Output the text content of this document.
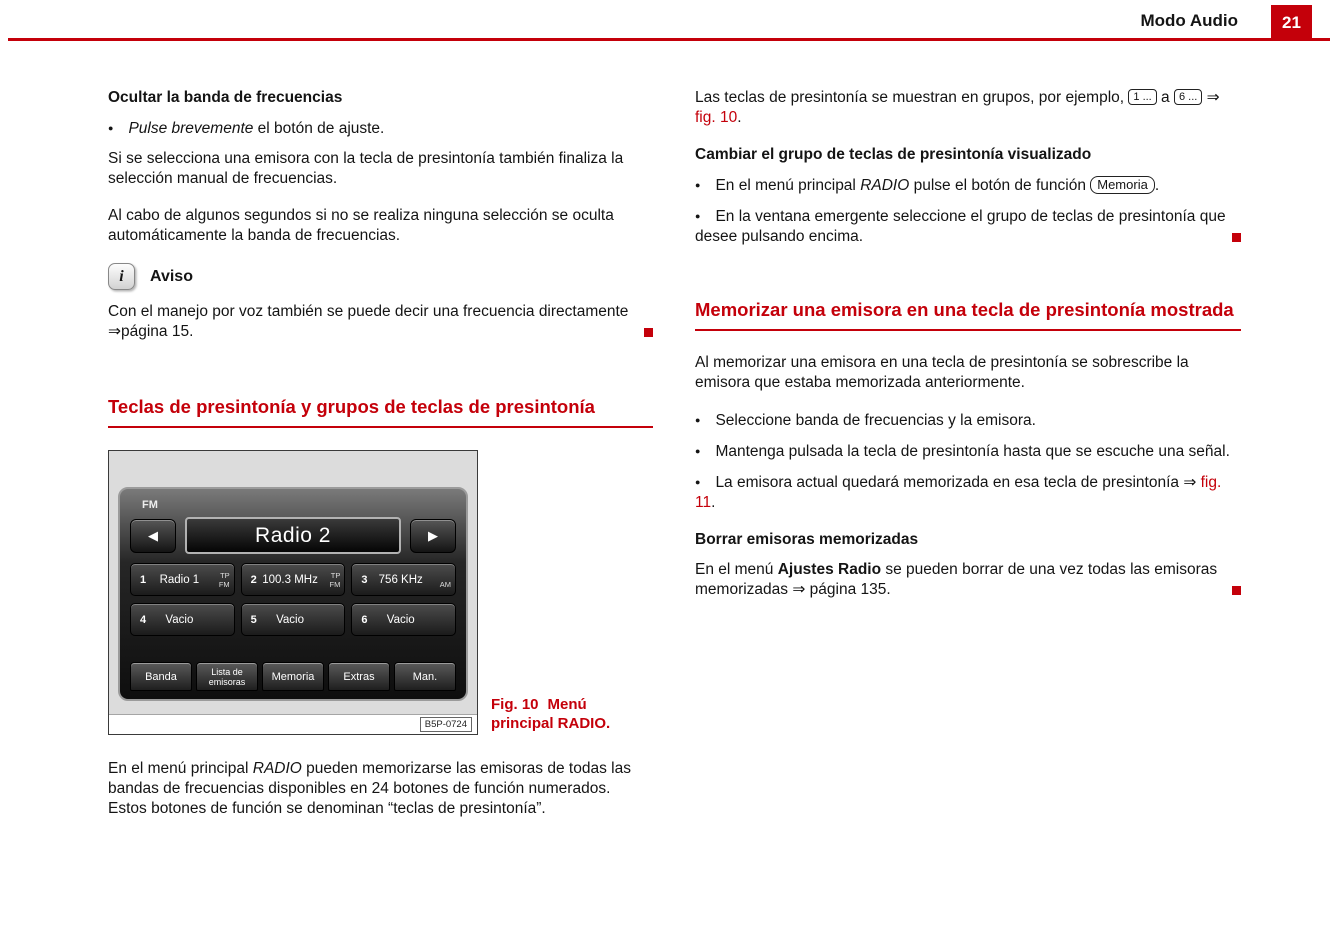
Modo Audio	21
Ocultar la banda de frecuencias

● Pulse brevemente el botón de ajuste.

Si se selecciona una emisora con la tecla de presintonía también finaliza la selección manual de frecuencias.

Al cabo de algunos segundos si no se realiza ninguna selección se oculta automáticamente la banda de frecuencias.

i Aviso

Con el manejo por voz también se puede decir una frecuencia directamente ⇒página 15.

Teclas de presintonía y grupos de teclas de presintonía
FM
◀	Radio 2	▶
1	Radio 1	TP
FM 2 100.3 MHz	TP
FM 3 756 KHz	AM
4	Vacio	5	Vacio	6	Vacio
Banda	Lista de emisoras	Memoria	Extras	Man.
B5P-0724
Fig. 10 Menú principal RADIO.

En el menú principal RADIO pueden memorizarse las emisoras de todas las bandas de frecuencias disponibles en 24 botones de función numerados. Estos botones de función se denominan “teclas de presintonía”.

Las teclas de presintonía se muestran en grupos, por ejemplo, 1 ... a 6 ... ⇒ fig. 10.

Cambiar el grupo de teclas de presintonía visualizado

● En el menú principal RADIO pulse el botón de función Memoria .

● En la ventana emergente seleccione el grupo de teclas de presintonía que desee pulsando encima.

Memorizar una emisora en una tecla de presintonía mostrada

Al memorizar una emisora en una tecla de presintonía se sobrescribe la emisora que estaba memorizada anteriormente.

● Seleccione banda de frecuencias y la emisora.

● Mantenga pulsada la tecla de presintonía hasta que se escuche una señal.

● La emisora actual quedará memorizada en esa tecla de presintonía ⇒ fig. 11.

Borrar emisoras memorizadas

En el menú Ajustes Radio se pueden borrar de una vez todas las emisoras memorizadas ⇒ página 135.
